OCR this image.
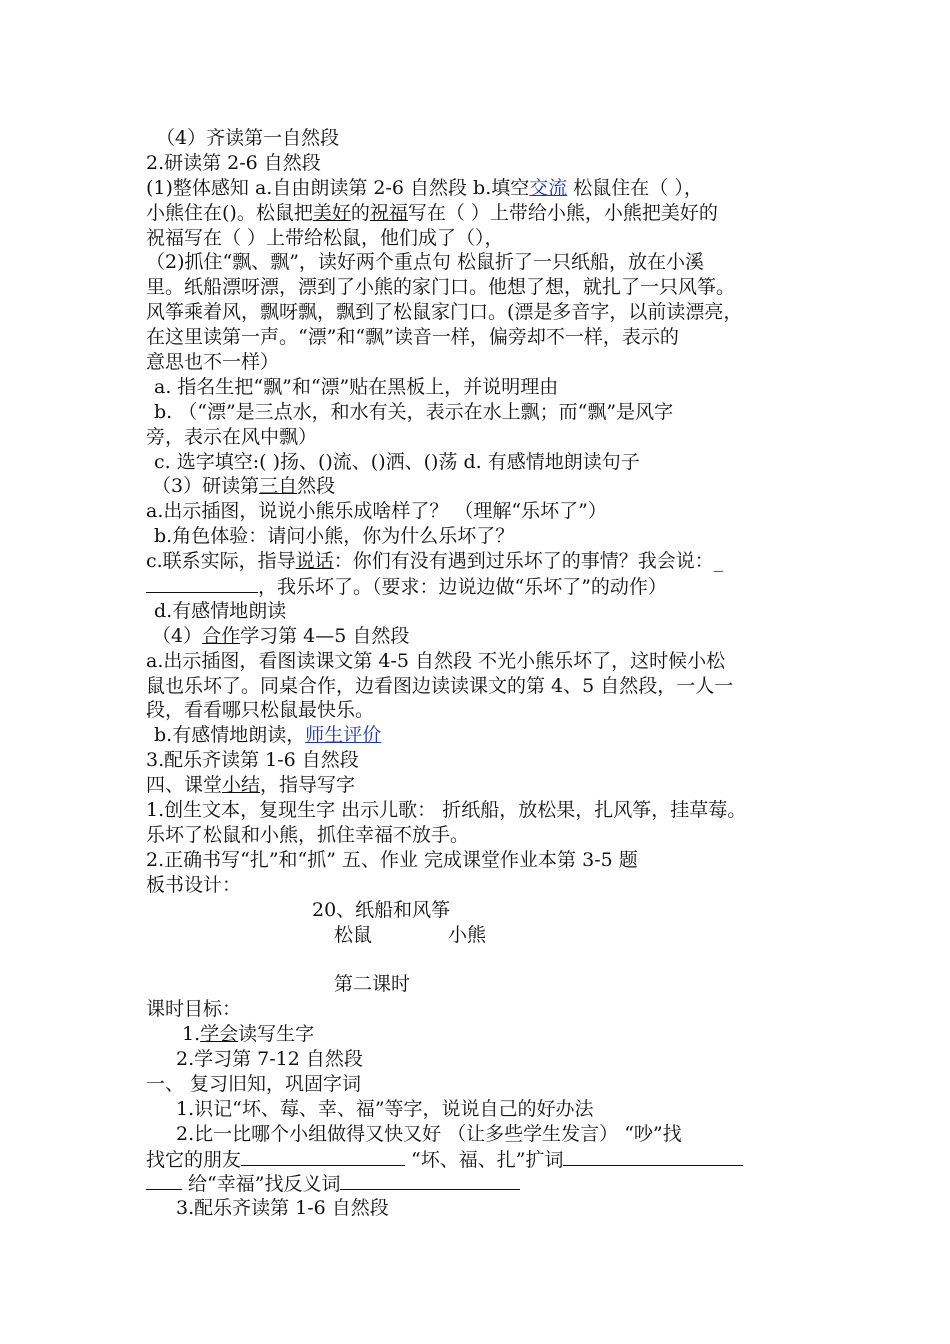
（4）齐读第一自然段
2.研读第 2-6 自然段
(1)整体感知 a.自由朗读第 2-6 自然段 b.填空交流 松鼠住在（ ），
小熊住在()。松鼠把美好的祝福写在（ ）上带给小熊，小熊把美好的
祝福写在（ ）上带给松鼠，他们成了（），
（2)抓住“飘、飘”，读好两个重点句 松鼠折了一只纸船，放在小溪
里。纸船漂呀漂，漂到了小熊的家门口。他想了想，就扎了一只风筝。
风筝乘着风，飘呀飘，飘到了松鼠家门口。(漂是多音字，以前读漂亮，
在这里读第一声。“漂”和“飘”读音一样，偏旁却不一样，表示的
意思也不一样）
a. 指名生把“飘”和“漂”贴在黑板上，并说明理由
b. （“漂”是三点水，和水有关，表示在水上飘；而“飘”是风字
旁，表示在风中飘）
c. 选字填空:( )扬、()流、()洒、()荡 d. 有感情地朗读句子
（3）研读第三自然段
a.出示插图，说说小熊乐成啥样了？ （理解“乐坏了”）
b.角色体验：请问小熊，你为什么乐坏了？
c.联系实际，指导说话：你们有没有遇到过乐坏了的事情？我会说：_
，我乐坏了。（要求：边说边做“乐坏了”的动作）
d.有感情地朗读
（4）合作学习第 4—5 自然段
a.出示插图，看图读课文第 4-5 自然段 不光小熊乐坏了，这时候小松
鼠也乐坏了。同桌合作，边看图边读读课文的第 4、5 自然段，一人一
段，看看哪只松鼠最快乐。
b.有感情地朗读，师生评价
3.配乐齐读第 1-6 自然段
四、课堂小结，指导写字
1.创生文本，复现生字 出示儿歌： 折纸船，放松果，扎风筝，挂草莓。
乐坏了松鼠和小熊，抓住幸福不放手。
2.正确书写“扎”和“抓” 五、作业 完成课堂作业本第 3-5 题
板书设计：
20、纸船和风筝
松鼠	小熊
第二课时
课时目标：
1.学会读写生字
2.学习第 7-12 自然段
一、 复习旧知，巩固字词
1.识记“坏、莓、幸、福”等字，说说自己的好办法
2.比一比哪个小组做得又快又好 （让多些学生发言） “吵”找
找它的朋友	“坏、福、扎”扩词
给“幸福”找反义词
3.配乐齐读第 1-6 自然段
